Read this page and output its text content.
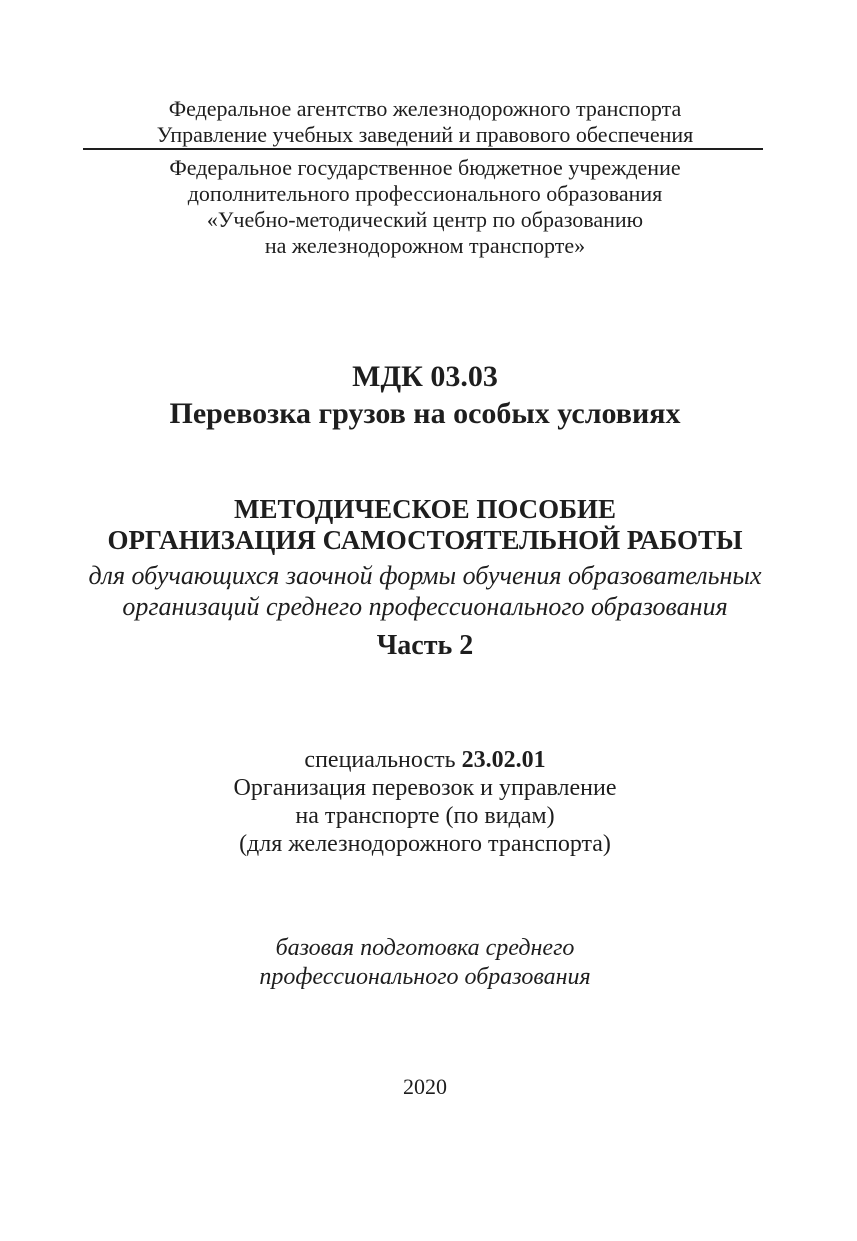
Федеральное агентство железнодорожного транспорта
Управление учебных заведений и правового обеспечения
Федеральное государственное бюджетное учреждение
дополнительного профессионального образования
«Учебно-методический центр по образованию
на железнодорожном транспорте»
МДК 03.03
Перевозка грузов на особых условиях
МЕТОДИЧЕСКОЕ ПОСОБИЕ
ОРГАНИЗАЦИЯ САМОСТОЯТЕЛЬНОЙ РАБОТЫ
для обучающихся заочной формы обучения образовательных
организаций среднего профессионального образования
Часть 2
специальность 23.02.01
Организация перевозок и управление
на транспорте (по видам)
(для железнодорожного транспорта)
базовая подготовка среднего
профессионального образования
2020
